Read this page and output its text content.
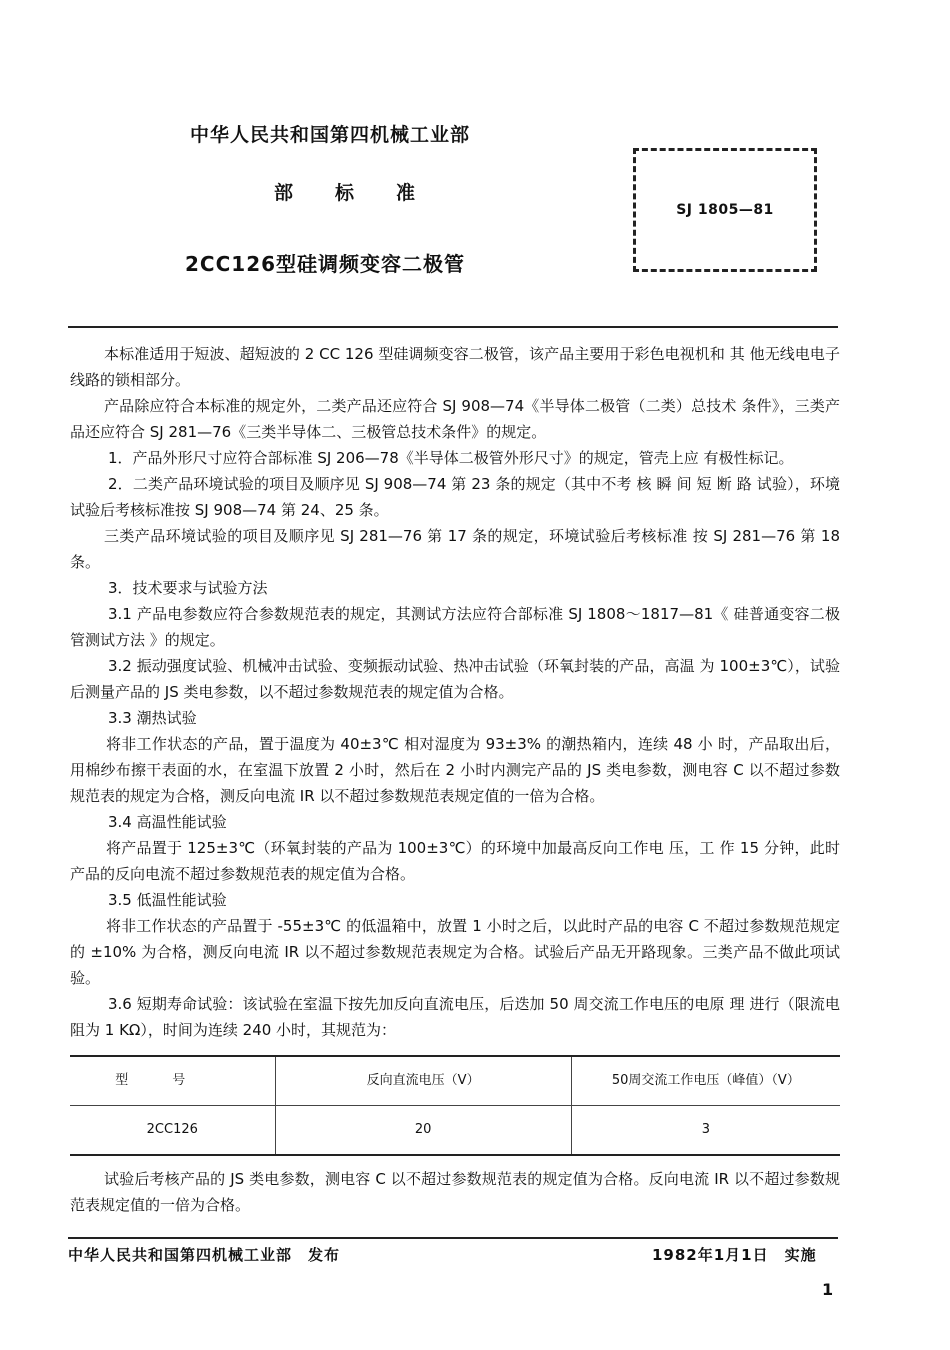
中华人民共和国第四机械工业部
部 标 准
2CC126型硅调频变容二极管
SJ 1805—81

本标准适用于短波、超短波的 2 CC 126 型硅调频变容二极管，该产品主要用于彩色电视机和 其 他无线电电子线路的锁相部分。

产品除应符合本标准的规定外，二类产品还应符合 SJ 908—74《半导体二极管（二类）总技术 条件》，三类产品还应符合 SJ 281—76《三类半导体二、三极管总技术条件》的规定。

1．产品外形尺寸应符合部标准 SJ 206—78《半导体二极管外形尺寸》的规定，管壳上应 有极性标记。

2．二类产品环境试验的项目及顺序见 SJ 908—74 第 23 条的规定（其中不考 核 瞬 间 短 断 路 试验），环境试验后考核标准按 SJ 908—74 第 24、25 条。

三类产品环境试验的项目及顺序见 SJ 281—76 第 17 条的规定，环境试验后考核标准 按 SJ 281—76 第 18 条。

3．技术要求与试验方法

3.1 产品电参数应符合参数规范表的规定，其测试方法应符合部标准 SJ 1808～1817—81《 硅普通变容二极管测试方法 》的规定。

3.2 振动强度试验、机械冲击试验、变频振动试验、热冲击试验（环氧封装的产品，高温 为 100±3℃），试验后测量产品的 JS 类电参数，以不超过参数规范表的规定值为合格。

3.3 潮热试验

将非工作状态的产品，置于温度为 40±3℃ 相对湿度为 93±3% 的潮热箱内，连续 48 小 时，产品取出后，用棉纱布擦干表面的水，在室温下放置 2 小时，然后在 2 小时内测完产品的 JS 类电参数，测电容 C 以不超过参数规范表的规定为合格，测反向电流 IR 以不超过参数规范表规定值的一倍为合格。

3.4 高温性能试验

将产品置于 125±3℃（环氧封装的产品为 100±3℃）的环境中加最高反向工作电 压，工 作 15 分钟，此时产品的反向电流不超过参数规范表的规定值为合格。

3.5 低温性能试验

将非工作状态的产品置于 -55±3℃ 的低温箱中，放置 1 小时之后，以此时产品的电容 C 不超过参数规范规定的 ±10% 为合格，测反向电流 IR 以不超过参数规范表规定为合格。试验后产品无开路现象。三类产品不做此项试验。

3.6 短期寿命试验：该试验在室温下按先加反向直流电压，后迭加 50 周交流工作电压的电原 理 进行（限流电阻为 1 KΩ），时间为连续 240 小时，其规范为：

型号	反向直流电压（V）	50周交流工作电压（峰值）（V）
2CC126	20	3

试验后考核产品的 JS 类电参数，测电容 C 以不超过参数规范表的规定值为合格。反向电流 IR 以不超过参数规范表规定值的一倍为合格。

中华人民共和国第四机械工业部　发布	1982年1月1日　实施
1
